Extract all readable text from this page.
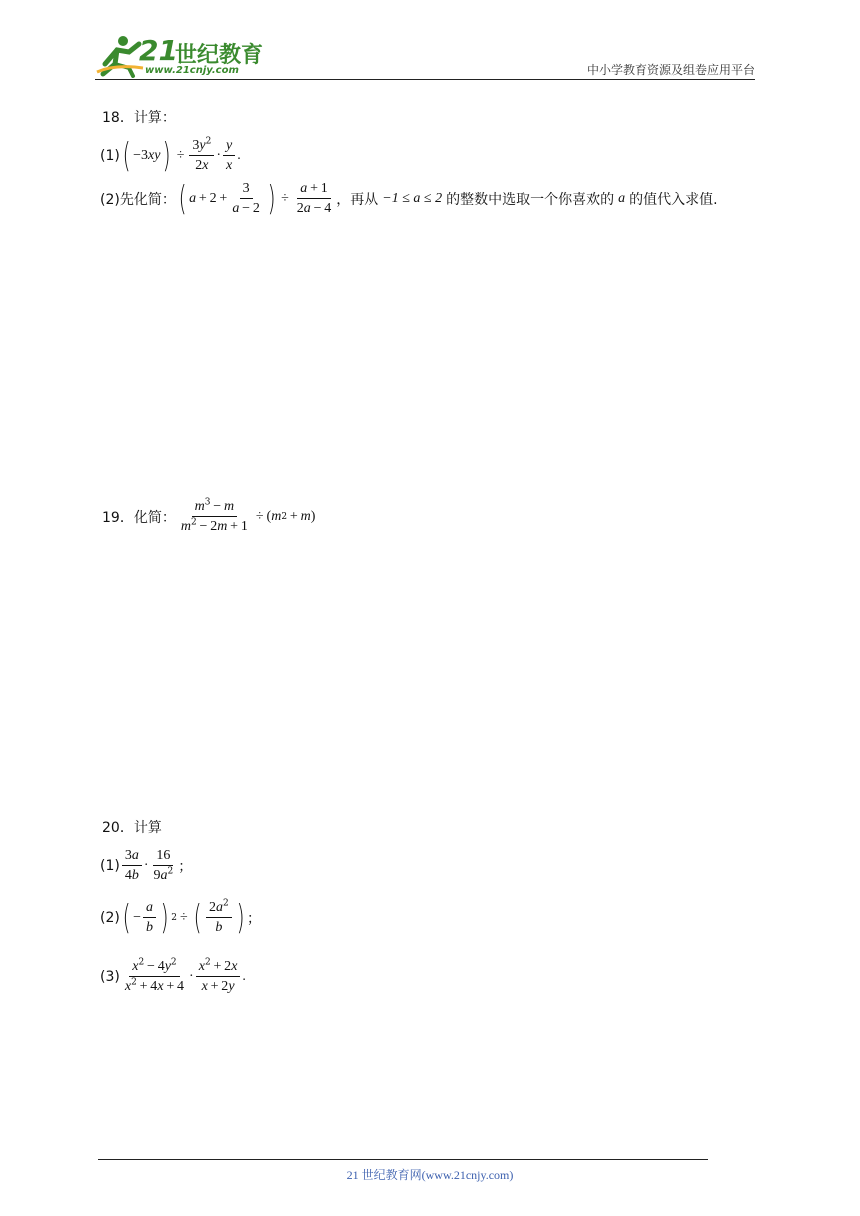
21
世纪教育
www.21cnjy.com	中小学教育资源及组卷应用平台
18．计算：
(1) ( −3 xy ) ÷ $\frac{3y^2}{2x} \cdot \frac{y}{x}$ .
(2)先化简： ( $a + 2 + \frac{3}{a - 2}$ ) ÷ $\frac{a + 1}{2a - 4}$ ，再从 −1 ≤ a ≤ 2 的整数中选取一个你喜欢的 a 的值代入求值.
19．化简： $\frac{m^3 - m}{m^2 - 2m + 1}$ ÷ ( m 2  +  m )
20．计算
$(1) \frac{3a}{4b} \cdot \frac{16}{9a^2}$ ；
(2) ( − $\frac{a}{b}$ ) 2 ÷ ( $\frac{2a^2}{b}$ ) ；
$(3) \frac{x^2 - 4y^2}{x^2 + 4x + 4} \cdot \frac{x^2 + 2x}{x + 2y}$ .
21 世纪教育网(www.21cnjy.com)
